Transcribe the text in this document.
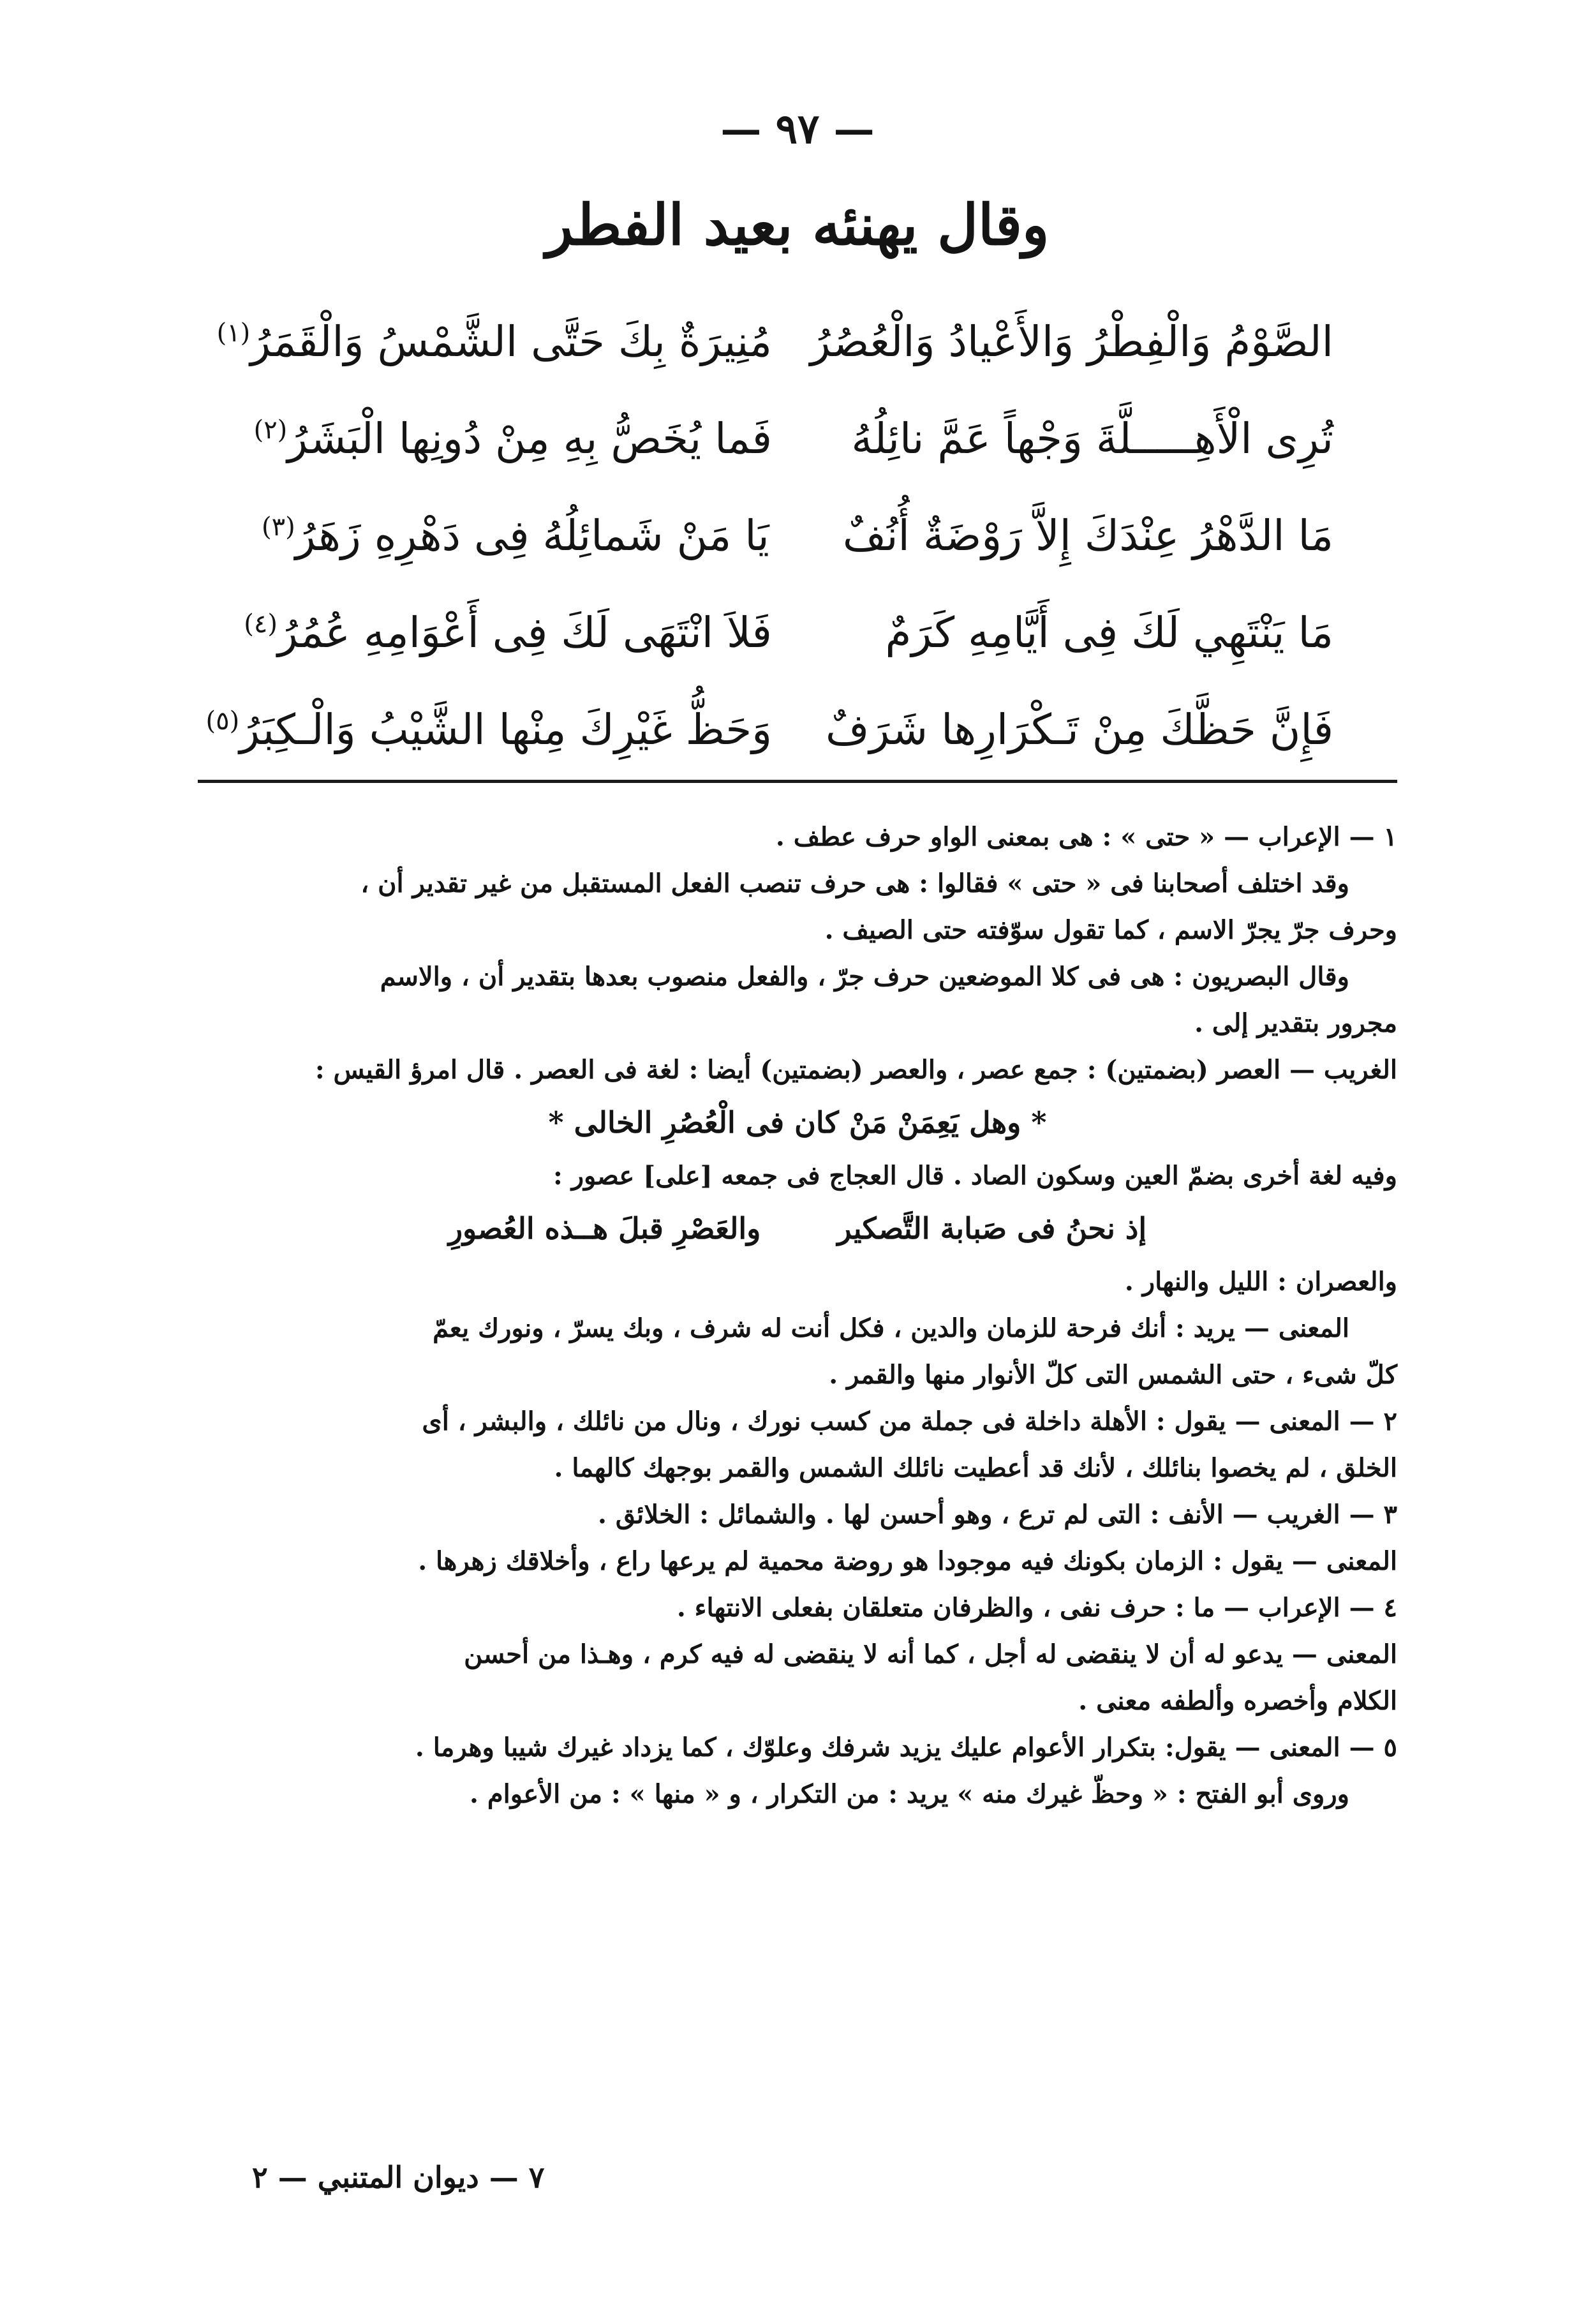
— ٩٧ —
وقال يهنئه بعيد الفطر
الصَّوْمُ وَالْفِطْرُ وَالأَعْيادُ وَالْعُصُرُ
مُنِيرَةٌ بِكَ حَتَّى الشَّمْسُ وَالْقَمَرُ$^{(١)}$
تُرِى الْأَهِـــــلَّةَ وَجْهاً عَمَّ نائِلُهُ
فَما يُخَصُّ بِهِ مِنْ دُونِها الْبَشَرُ$^{(٢)}$
مَا الدَّهْرُ عِنْدَكَ إِلاَّ رَوْضَةٌ أُنُفٌ
يَا مَنْ شَمائِلُهُ فِى دَهْرِهِ زَهَرُ$^{(٣)}$
مَا يَنْتَهِي لَكَ فِى أَيَّامِهِ كَرَمٌ
فَلاَ انْتَهَى لَكَ فِى أَعْوَامِهِ عُمُرُ$^{(٤)}$
فَإِنَّ حَظَّكَ مِنْ تَـكْرَارِها شَرَفٌ
وَحَظُّ غَيْرِكَ مِنْها الشَّيْبُ وَالْـكِبَرُ$^{(٥)}$

١ — الإعراب — « حتى » : هى بمعنى الواو حرف عطف .

وقد اختلف أصحابنا فى « حتى » فقالوا : هى حرف تنصب الفعل المستقبل من غير تقدير أن ،

وحرف جرّ يجرّ الاسم ، كما تقول سوّفته حتى الصيف .

وقال البصريون : هى فى كلا الموضعين حرف جرّ ، والفعل منصوب بعدها بتقدير أن ، والاسم

مجرور بتقدير إلى .

الغريب — العصر (بضمتين) : جمع عصر ، والعصر (بضمتين) أيضا : لغة فى العصر . قال امرؤ القيس :

* وهل يَعِمَنْ مَنْ كان فى الْعُصُرِ الخالى *

وفيه لغة أخرى بضمّ العين وسكون الصاد . قال العجاج فى جمعه [على] عصور :

إذ نحنُ فى صَبابة التَّصكيروالعَصْرِ قبلَ هــذه العُصورِ

والعصران : الليل والنهار .

المعنى — يريد : أنك فرحة للزمان والدين ، فكل أنت له شرف ، وبك يسرّ ، ونورك يعمّ

كلّ شىء ، حتى الشمس التى كلّ الأنوار منها والقمر .

٢ — المعنى — يقول : الأهلة داخلة فى جملة من كسب نورك ، ونال من نائلك ، والبشر ، أى

الخلق ، لم يخصوا بنائلك ، لأنك قد أعطيت نائلك الشمس والقمر بوجهك كالهما .

٣ — الغريب — الأنف : التى لم ترع ، وهو أحسن لها . والشمائل : الخلائق .

المعنى — يقول : الزمان بكونك فيه موجودا هو روضة محمية لم يرعها راع ، وأخلاقك زهرها .

٤ — الإعراب — ما : حرف نفى ، والظرفان متعلقان بفعلى الانتهاء .

المعنى — يدعو له أن لا ينقضى له أجل ، كما أنه لا ينقضى له فيه كرم ، وهـذا من أحسن

الكلام وأخصره وألطفه معنى .

٥ — المعنى — يقول: بتكرار الأعوام عليك يزيد شرفك وعلوّك ، كما يزداد غيرك شيبا وهرما .

وروى أبو الفتح : « وحظّ غيرك منه » يريد : من التكرار ، و « منها » : من الأعوام .

٧ — ديوان المتنبي — ٢
